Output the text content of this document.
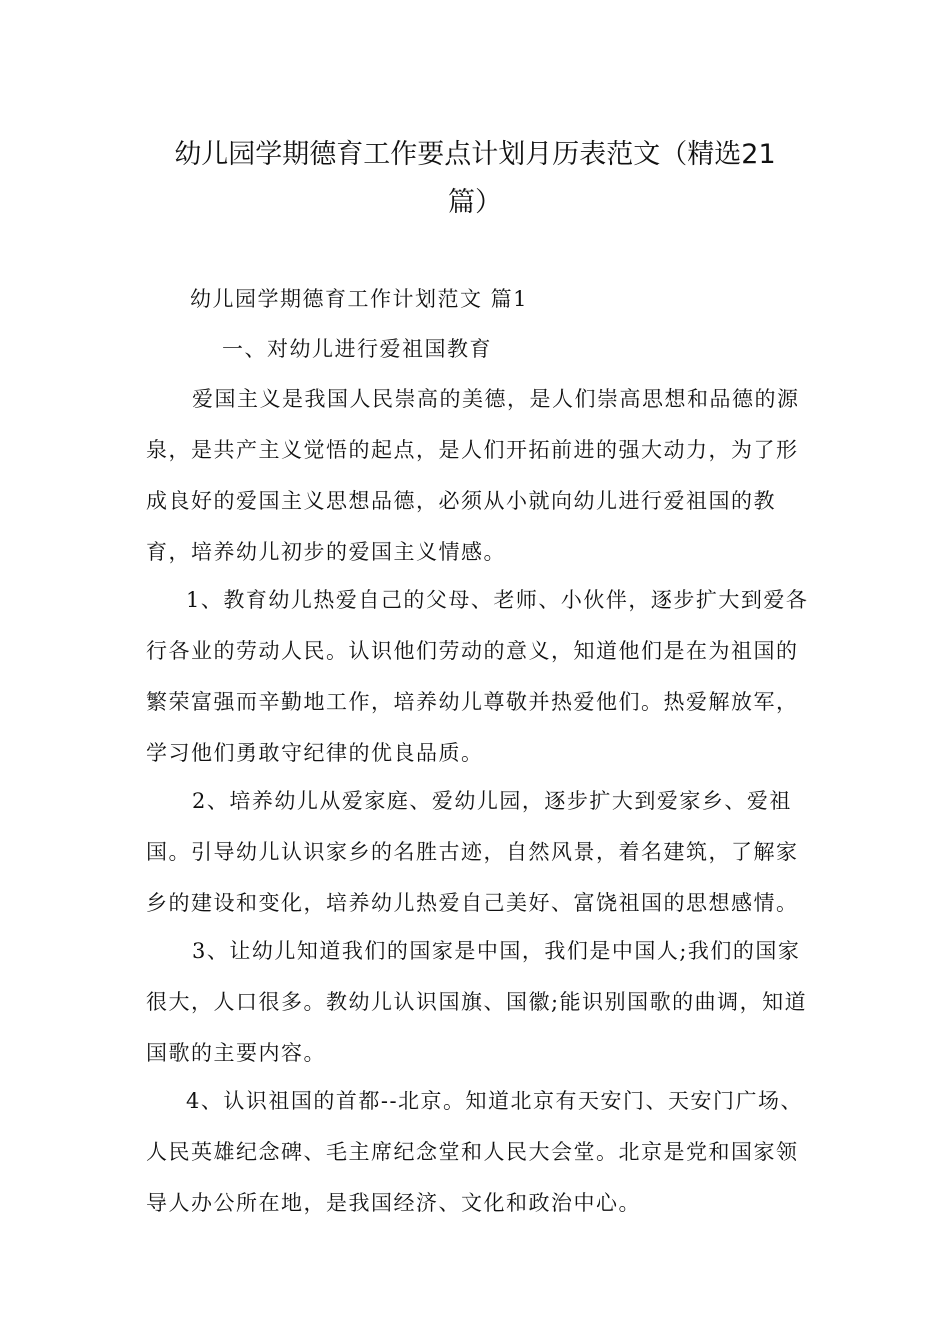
幼儿园学期德育工作要点计划月历表范文（精选21
篇）

幼儿园学期德育工作计划范文 篇1

一、对幼儿进行爱祖国教育

爱国主义是我国人民崇高的美德，是人们崇高思想和品德的源泉，是共产主义觉悟的起点，是人们开拓前进的强大动力，为了形成良好的爱国主义思想品德，必须从小就向幼儿进行爱祖国的教育，培养幼儿初步的爱国主义情感。

1、教育幼儿热爱自己的父母、老师、小伙伴，逐步扩大到爱各行各业的劳动人民。认识他们劳动的意义，知道他们是在为祖国的繁荣富强而辛勤地工作，培养幼儿尊敬并热爱他们。热爱解放军，学习他们勇敢守纪律的优良品质。

2、培养幼儿从爱家庭、爱幼儿园，逐步扩大到爱家乡、爱祖国。引导幼儿认识家乡的名胜古迹，自然风景，着名建筑，了解家乡的建设和变化，培养幼儿热爱自己美好、富饶祖国的思想感情。

3、让幼儿知道我们的国家是中国，我们是中国人;我们的国家很大，人口很多。教幼儿认识国旗、国徽;能识别国歌的曲调，知道国歌的主要内容。

4、认识祖国的首都--北京。知道北京有天安门、天安门广场、人民英雄纪念碑、毛主席纪念堂和人民大会堂。北京是党和国家领导人办公所在地，是我国经济、文化和政治中心。
